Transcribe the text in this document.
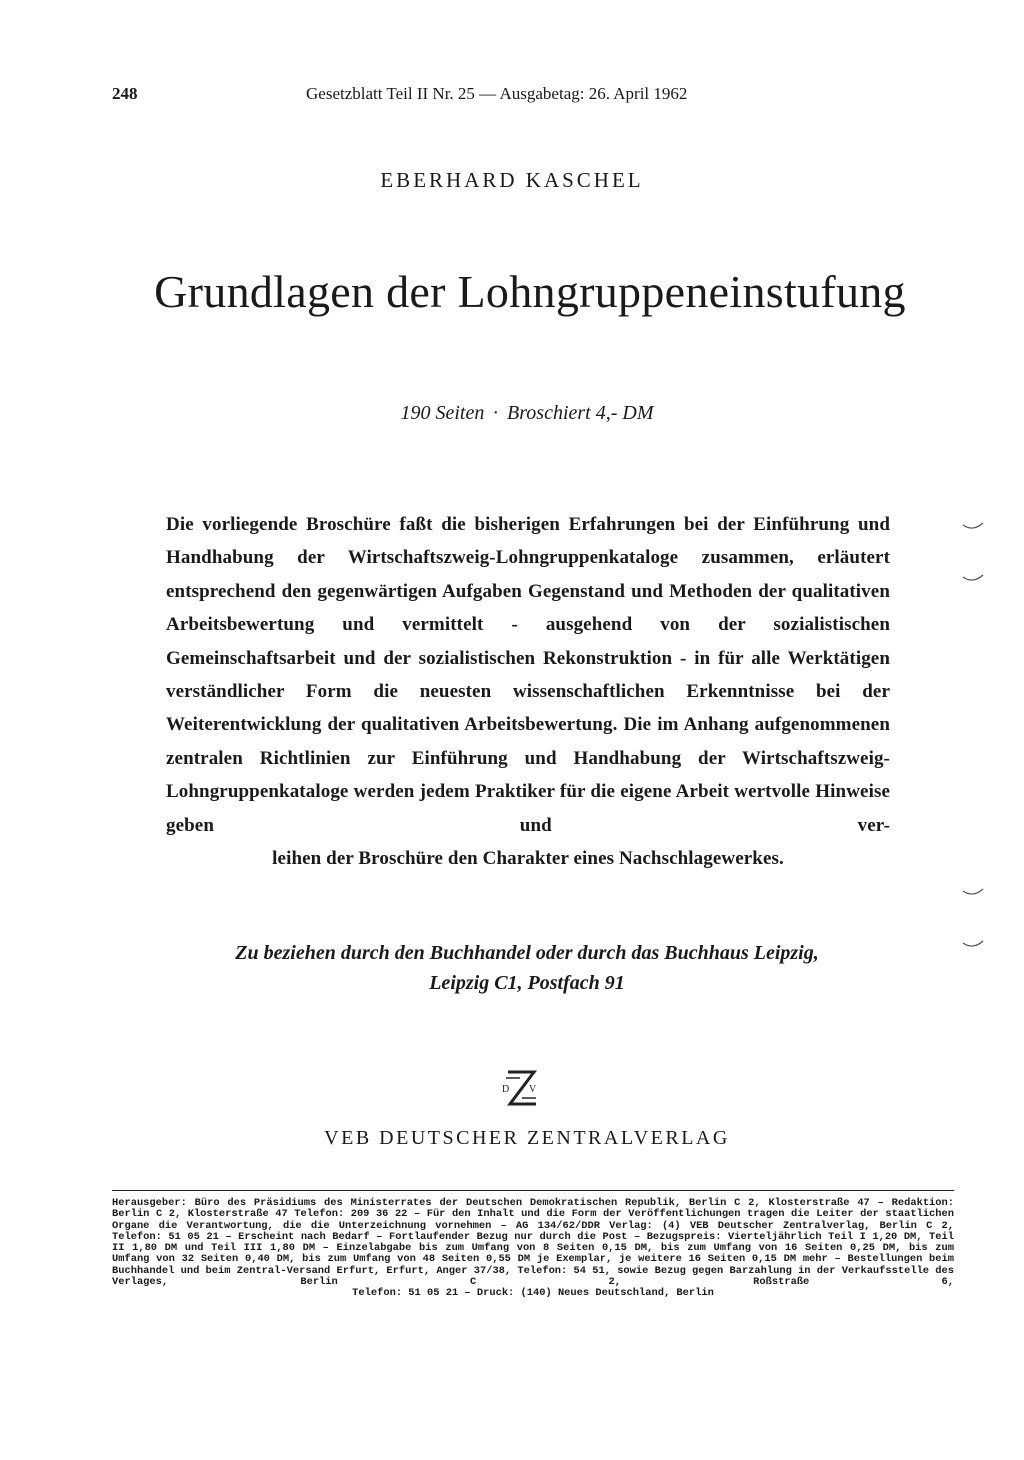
248	Gesetzblatt Teil II Nr. 25 — Ausgabetag: 26. April 1962
EBERHARD KASCHEL
Grundlagen der Lohngruppeneinstufung
190 Seiten · Broschiert 4,- DM
Die vorliegende Broschüre faßt die bisherigen Erfahrungen bei der Einführung und Handhabung der Wirtschaftszweig-Lohngruppenkataloge zusammen, erläutert entsprechend den gegenwärtigen Aufgaben Gegenstand und Methoden der qualitativen Arbeitsbewertung und vermittelt - ausgehend von der sozialistischen Gemeinschaftsarbeit und der sozialistischen Rekonstruktion - in für alle Werktätigen verständlicher Form die neuesten wissenschaftlichen Erkenntnisse bei der Weiterentwicklung der qualitativen Arbeitsbewertung. Die im Anhang aufgenommenen zentralen Richtlinien zur Einführung und Handhabung der Wirtschaftszweig-Lohngruppenkataloge werden jedem Praktiker für die eigene Arbeit wertvolle Hinweise geben und ver-
leihen der Broschüre den Charakter eines Nachschlagewerkes.
Zu beziehen durch den Buchhandel oder durch das Buchhaus Leipzig,
Leipzig C1, Postfach 91
D V
VEB DEUTSCHER ZENTRALVERLAG
Herausgeber: Büro des Präsidiums des Ministerrates der Deutschen Demokratischen Republik, Berlin C 2, Klosterstraße 47 – Redaktion: Berlin C 2, Klosterstraße 47 Telefon: 209 36 22 – Für den Inhalt und die Form der Veröffentlichungen tragen die Leiter der staatlichen Organe die Verantwortung, die die Unterzeichnung vornehmen – AG 134/62/DDR Verlag: (4) VEB Deutscher Zentralverlag, Berlin C 2, Telefon: 51 05 21 – Erscheint nach Bedarf – Fortlaufender Bezug nur durch die Post – Bezugspreis: Vierteljährlich Teil I 1,20 DM, Teil II 1,80 DM und Teil III 1,80 DM – Einzelabgabe bis zum Umfang von 8 Seiten 0,15 DM, bis zum Umfang von 16 Seiten 0,25 DM, bis zum Umfang von 32 Seiten 0,40 DM, bis zum Umfang von 48 Seiten 0,55 DM je Exemplar, je weitere 16 Seiten 0,15 DM mehr – Bestellungen beim Buchhandel und beim Zentral-Versand Erfurt, Erfurt, Anger 37/38, Telefon: 54 51, sowie Bezug gegen Barzahlung in der Verkaufsstelle des Verlages, Berlin C 2, Roßstraße 6,
Telefon: 51 05 21 – Druck: (140) Neues Deutschland, Berlin
